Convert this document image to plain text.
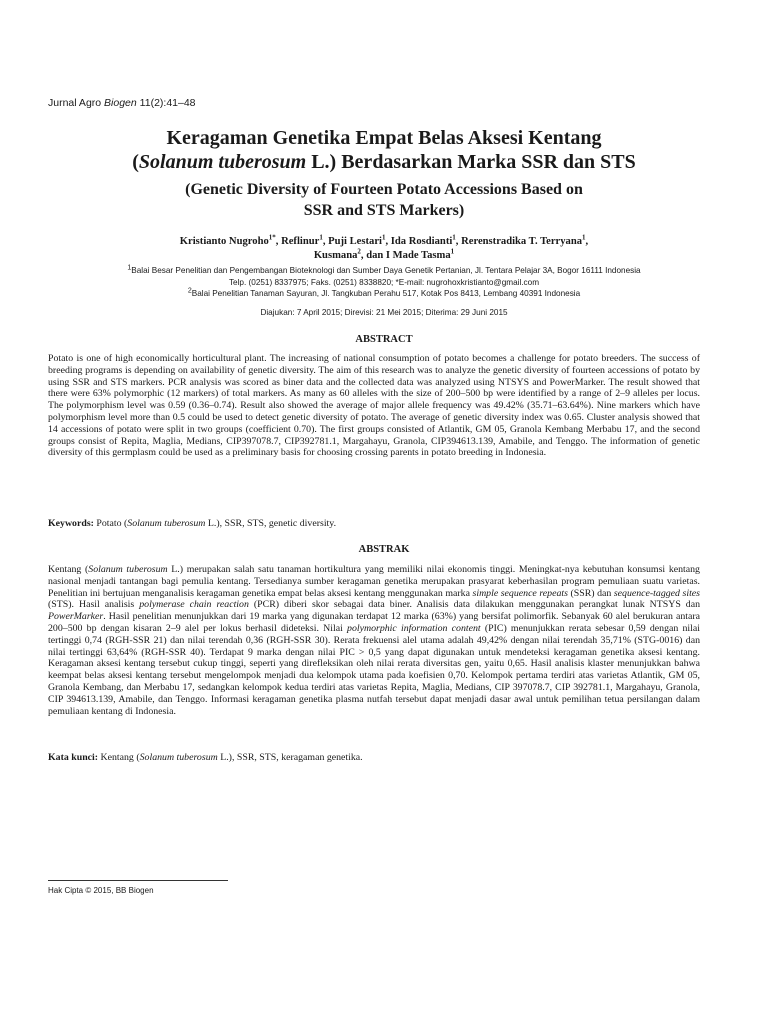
Jurnal Agro Biogen 11(2):41–48
Keragaman Genetika Empat Belas Aksesi Kentang
(Solanum tuberosum L.) Berdasarkan Marka SSR dan STS
(Genetic Diversity of Fourteen Potato Accessions Based on
SSR and STS Markers)
Kristianto Nugroho$^{1*}$, Reflinur$^1$, Puji Lestari$^1$, Ida Rosdianti$^1$, Rerenstradika T. Terryana$^1$,
Kusmana$^2$, dan I Made Tasma$^1$
$^1$Balai Besar Penelitian dan Pengembangan Bioteknologi dan Sumber Daya Genetik Pertanian, Jl. Tentara Pelajar 3A, Bogor 16111 Indonesia
Telp. (0251) 8337975; Faks. (0251) 8338820; *E-mail: nugrohoxkristianto@gmail.com
$^2$Balai Penelitian Tanaman Sayuran, Jl. Tangkuban Perahu 517, Kotak Pos 8413, Lembang 40391 Indonesia
Diajukan: 7 April 2015; Direvisi: 21 Mei 2015; Diterima: 29 Juni 2015
ABSTRACT
Potato is one of high economically horticultural plant. The increasing of national consumption of potato becomes a challenge for potato breeders. The success of breeding programs is depending on availability of genetic diversity. The aim of this research was to analyze the genetic diversity of fourteen accessions of potato by using SSR and STS markers. PCR analysis was scored as biner data and the collected data was analyzed using NTSYS and PowerMarker. The result showed that there were 63% polymorphic (12 markers) of total markers. As many as 60 alleles with the size of 200–500 bp were identified by a range of 2–9 alleles per locus. The polymorphism level was 0.59 (0.36–0.74). Result also showed the average of major allele frequency was 49.42% (35.71–63.64%). Nine markers which have polymorphism level more than 0.5 could be used to detect genetic diversity of potato. The average of genetic diversity index was 0.65. Cluster analysis showed that 14 accessions of potato were split in two groups (coefficient 0.70). The first groups consisted of Atlantik, GM 05, Granola Kembang Merbabu 17, and the second groups consist of Repita, Maglia, Medians, CIP397078.7, CIP392781.1, Margahayu, Granola, CIP394613.139, Amabile, and Tenggo. The information of genetic diversity of this germplasm could be used as a preliminary basis for choosing crossing parents in potato breeding in Indonesia.
Keywords: Potato (Solanum tuberosum L.), SSR, STS, genetic diversity.
ABSTRAK
Kentang (Solanum tuberosum L.) merupakan salah satu tanaman hortikultura yang memiliki nilai ekonomis tinggi. Meningkat-nya kebutuhan konsumsi kentang nasional menjadi tantangan bagi pemulia kentang. Tersedianya sumber keragaman genetika merupakan prasyarat keberhasilan program pemuliaan suatu varietas. Penelitian ini bertujuan menganalisis keragaman genetika empat belas aksesi kentang menggunakan marka simple sequence repeats (SSR) dan sequence-tagged sites (STS). Hasil analisis polymerase chain reaction (PCR) diberi skor sebagai data biner. Analisis data dilakukan menggunakan perangkat lunak NTSYS dan PowerMarker. Hasil penelitian menunjukkan dari 19 marka yang digunakan terdapat 12 marka (63%) yang bersifat polimorfik. Sebanyak 60 alel berukuran antara 200–500 bp dengan kisaran 2–9 alel per lokus berhasil dideteksi. Nilai polymorphic information content (PIC) menunjukkan rerata sebesar 0,59 dengan nilai tertinggi 0,74 (RGH-SSR 21) dan nilai terendah 0,36 (RGH-SSR 30). Rerata frekuensi alel utama adalah 49,42% dengan nilai terendah 35,71% (STG-0016) dan nilai tertinggi 63,64% (RGH-SSR 40). Terdapat 9 marka dengan nilai PIC > 0,5 yang dapat digunakan untuk mendeteksi keragaman genetika aksesi kentang. Keragaman aksesi kentang tersebut cukup tinggi, seperti yang direfleksikan oleh nilai rerata diversitas gen, yaitu 0,65. Hasil analisis klaster menunjukkan bahwa keempat belas aksesi kentang tersebut mengelompok menjadi dua kelompok utama pada koefisien 0,70. Kelompok pertama terdiri atas varietas Atlantik, GM 05, Granola Kembang, dan Merbabu 17, sedangkan kelompok kedua terdiri atas varietas Repita, Maglia, Medians, CIP 397078.7, CIP 392781.1, Margahayu, Granola, CIP 394613.139, Amabile, dan Tenggo. Informasi keragaman genetika plasma nutfah tersebut dapat menjadi dasar awal untuk pemilihan tetua persilangan dalam pemuliaan kentang di Indonesia.
Kata kunci: Kentang (Solanum tuberosum L.), SSR, STS, keragaman genetika.
Hak Cipta © 2015, BB Biogen
